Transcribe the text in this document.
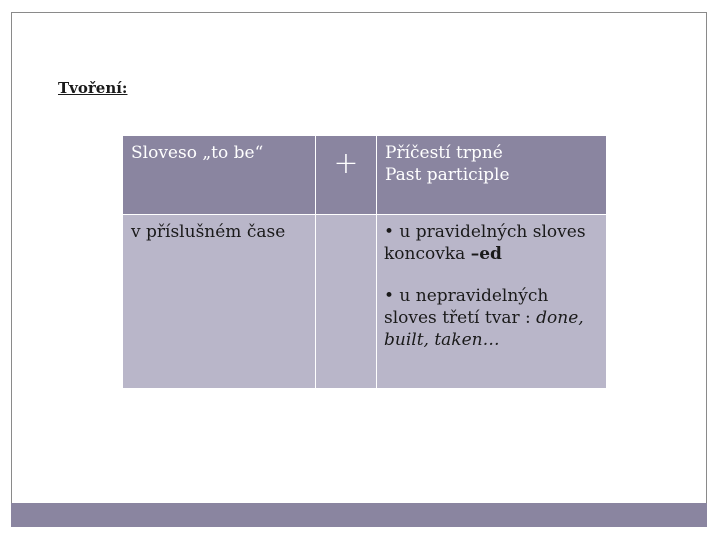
Tvoření:
Sloveso „to be“	+	Příčestí trpné
Past participle

v příslušném čase		• u pravidelných sloves koncovka –ed
• u nepravidelných sloves třetí tvar : done, built, taken…
